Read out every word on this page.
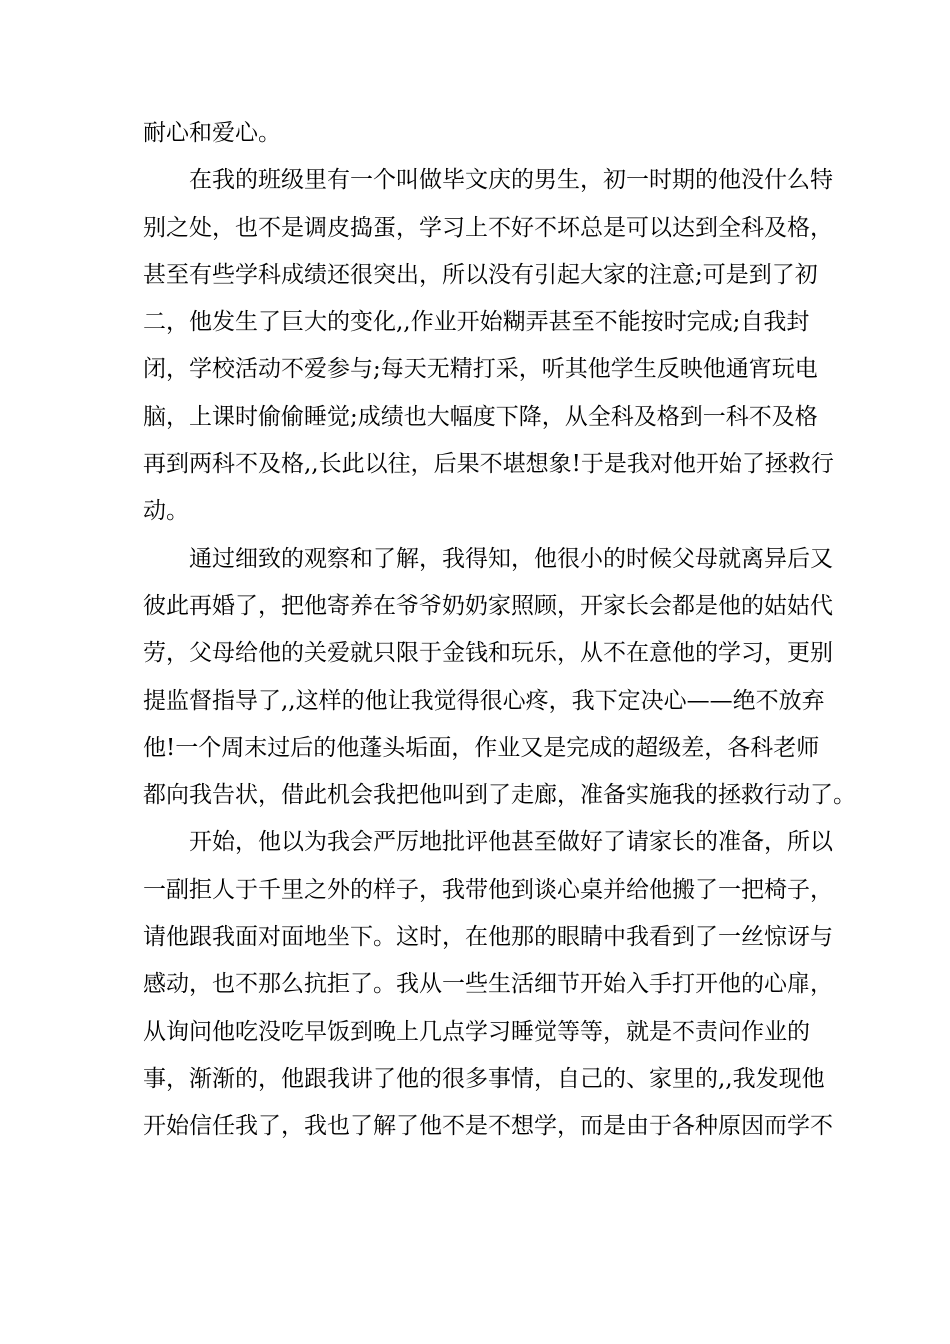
耐心和爱心。
在我的班级里有一个叫做毕文庆的男生，初一时期的他没什么特
别之处，也不是调皮捣蛋，学习上不好不坏总是可以达到全科及格，
甚至有些学科成绩还很突出，所以没有引起大家的注意;可是到了初
二，他发生了巨大的变化,,作业开始糊弄甚至不能按时完成;自我封
闭，学校活动不爱参与;每天无精打采，听其他学生反映他通宵玩电
脑，上课时偷偷睡觉;成绩也大幅度下降，从全科及格到一科不及格
再到两科不及格,,长此以往，后果不堪想象!于是我对他开始了拯救行
动。
通过细致的观察和了解，我得知，他很小的时候父母就离异后又
彼此再婚了，把他寄养在爷爷奶奶家照顾，开家长会都是他的姑姑代
劳，父母给他的关爱就只限于金钱和玩乐，从不在意他的学习，更别
提监督指导了,,这样的他让我觉得很心疼，我下定决心——绝不放弃
他!一个周末过后的他蓬头垢面，作业又是完成的超级差，各科老师
都向我告状，借此机会我把他叫到了走廊，准备实施我的拯救行动了。
开始，他以为我会严厉地批评他甚至做好了请家长的准备，所以
一副拒人于千里之外的样子，我带他到谈心桌并给他搬了一把椅子，
请他跟我面对面地坐下。这时，在他那的眼睛中我看到了一丝惊讶与
感动，也不那么抗拒了。我从一些生活细节开始入手打开他的心扉，
从询问他吃没吃早饭到晚上几点学习睡觉等等，就是不责问作业的
事，渐渐的，他跟我讲了他的很多事情，自己的、家里的,,我发现他
开始信任我了，我也了解了他不是不想学，而是由于各种原因而学不
